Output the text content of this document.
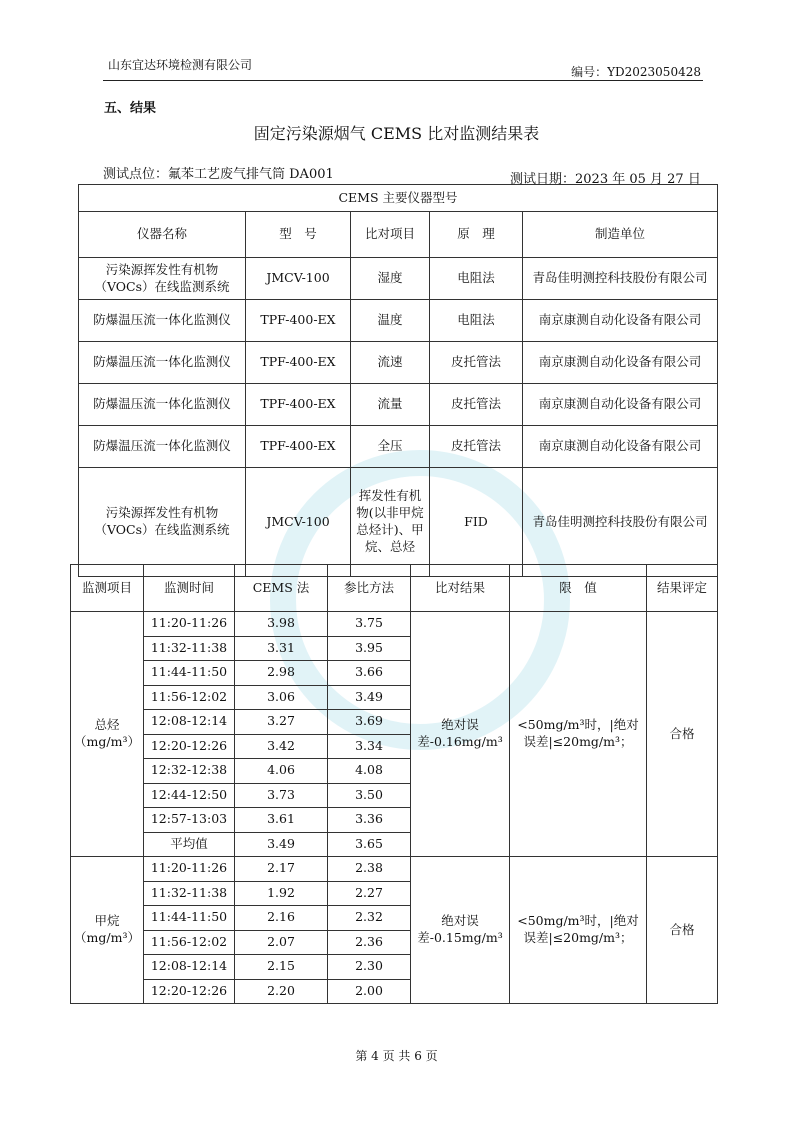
山东宜达环境检测有限公司	编号：YD2023050428
五、结果
固定污染源烟气 CEMS 比对监测结果表
测试点位：氟苯工艺废气排气筒 DA001	测试日期：2023 年 05 月 27 日
CEMS 主要仪器型号				
仪器名称	型　号	比对项目	原　理	制造单位
污染源挥发性有机物（VOCs）在线监测系统	JMCV-100	湿度	电阻法	青岛佳明测控科技股份有限公司
防爆温压流一体化监测仪	TPF-400-EX	温度	电阻法	南京康测自动化设备有限公司
防爆温压流一体化监测仪	TPF-400-EX	流速	皮托管法	南京康测自动化设备有限公司
防爆温压流一体化监测仪	TPF-400-EX	流量	皮托管法	南京康测自动化设备有限公司
防爆温压流一体化监测仪	TPF-400-EX	全压	皮托管法	南京康测自动化设备有限公司
污染源挥发性有机物（VOCs）在线监测系统	JMCV-100	挥发性有机物(以非甲烷总烃计)、甲烷、总烃	FID	青岛佳明测控科技股份有限公司
监测项目	监测时间	CEMS 法	参比方法	比对结果	限　值	结果评定
总烃（mg/m³）	11:20-11:26	3.98	3.75	绝对误差-0.16mg/m³	<50mg/m³时，|绝对误差|≤20mg/m³；	合格
	11:32-11:38	3.31	3.95			
	11:44-11:50	2.98	3.66			
	11:56-12:02	3.06	3.49			
	12:08-12:14	3.27	3.69			
	12:20-12:26	3.42	3.34			
	12:32-12:38	4.06	4.08			
	12:44-12:50	3.73	3.50			
	12:57-13:03	3.61	3.36			
	平均值	3.49	3.65			
甲烷（mg/m³）	11:20-11:26	2.17	2.38	绝对误差-0.15mg/m³	<50mg/m³时，|绝对误差|≤20mg/m³；	合格
	11:32-11:38	1.92	2.27			
	11:44-11:50	2.16	2.32			
	11:56-12:02	2.07	2.36			
	12:08-12:14	2.15	2.30			
	12:20-12:26	2.20	2.00			
第 4 页 共 6 页
